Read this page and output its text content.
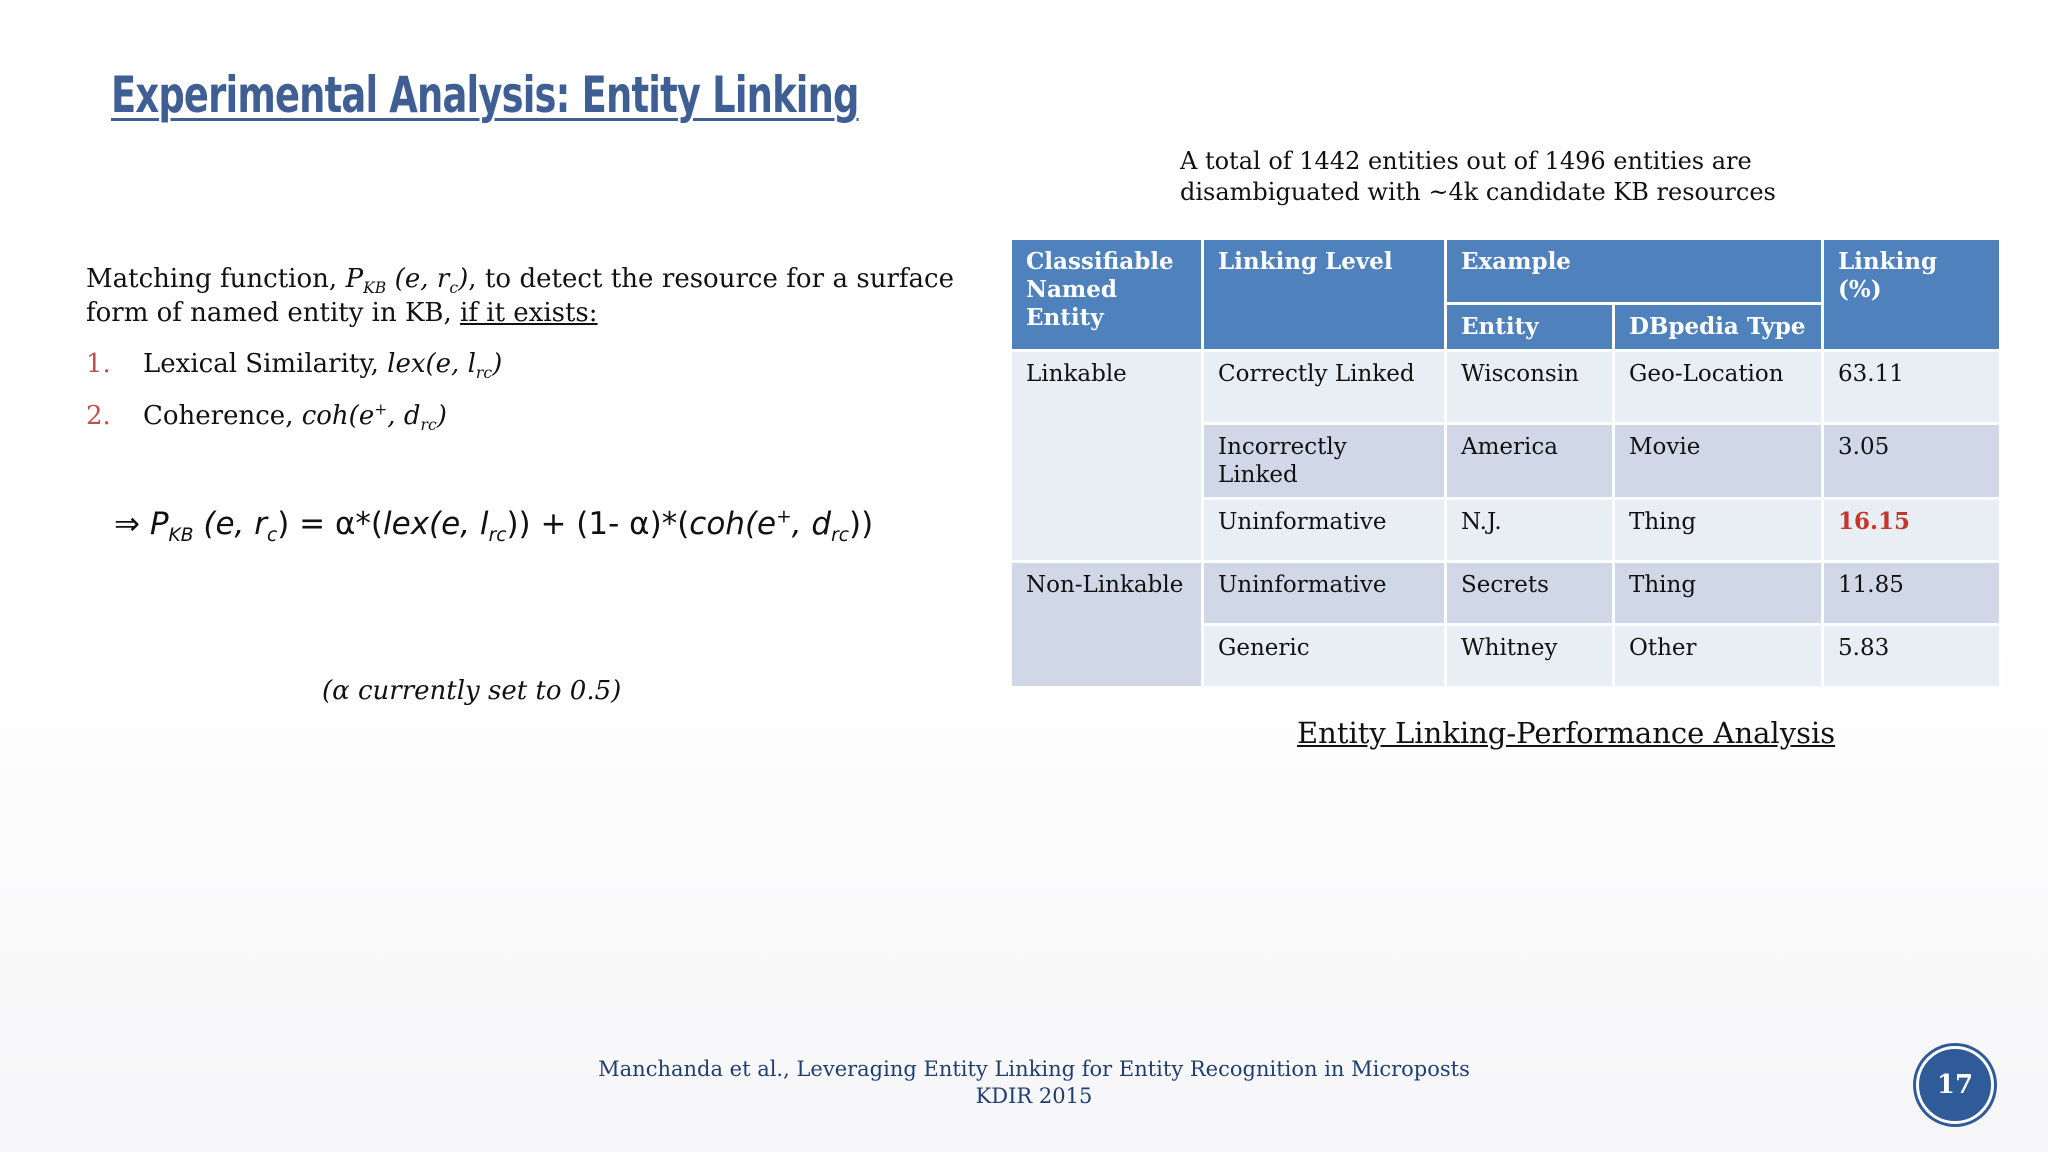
Experimental Analysis: Entity Linking
A total of 1442 entities out of 1496 entities are
disambiguated with ~4k candidate KB resources
Matching function, $P_{KB}$ (e, $r_c$), to detect the resource for a surface form of named entity in KB, if it exists:
1. Lexical Similarity, lex(e, $l_{rc}$)
2. Coherence, coh(e+, $d_{rc}$)
⇒ $P_{KB}$ (e, $r_c) = \alpha*(lex(e$, $l_{rc})) + (1-$ α)*(coh(e+, $d_{rc}$))
(α currently set to 0.5)
Classifiable Named Entity	Linking Level	Example		Linking (%)
		Entity	DBpedia Type	
Linkable	Correctly Linked	Wisconsin	Geo-Location	63.11
	Incorrectly Linked	America	Movie	3.05
	Uninformative	N.J.	Thing	16.15
Non-Linkable	Uninformative	Secrets	Thing	11.85
	Generic	Whitney	Other	5.83
Entity Linking-Performance Analysis
Manchanda et al., Leveraging Entity Linking for Entity Recognition in Microposts
KDIR 2015	17
